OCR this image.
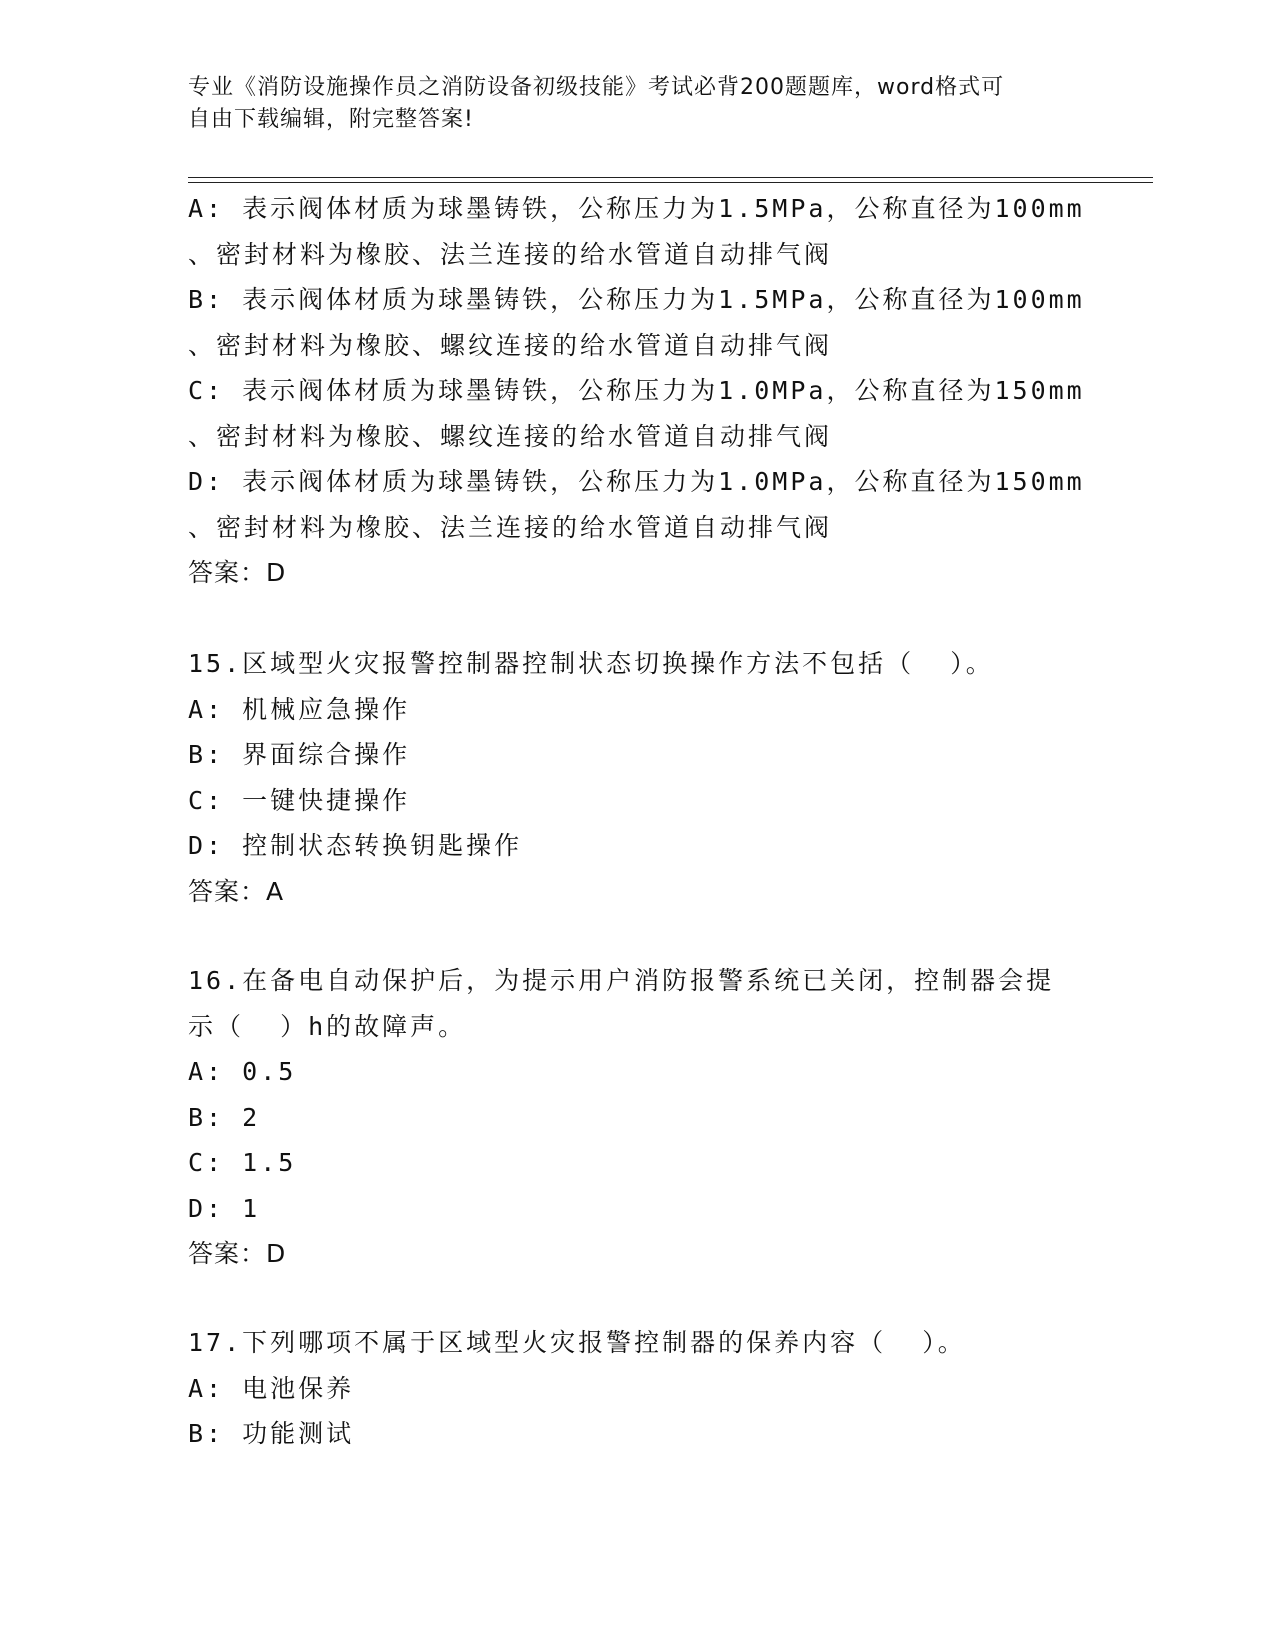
专业《消防设施操作员之消防设备初级技能》考试必背200题题库，word格式可
自由下载编辑，附完整答案!
A: 表示阀体材质为球墨铸铁，公称压力为1.5MPa，公称直径为100mm
、密封材料为橡胶、法兰连接的给水管道自动排气阀
B: 表示阀体材质为球墨铸铁，公称压力为1.5MPa，公称直径为100mm
、密封材料为橡胶、螺纹连接的给水管道自动排气阀
C: 表示阀体材质为球墨铸铁，公称压力为1.0MPa，公称直径为150mm
、密封材料为橡胶、螺纹连接的给水管道自动排气阀
D: 表示阀体材质为球墨铸铁，公称压力为1.0MPa，公称直径为150mm
、密封材料为橡胶、法兰连接的给水管道自动排气阀
答案：D
15.区域型火灾报警控制器控制状态切换操作方法不包括（  ）。
A: 机械应急操作
B: 界面综合操作
C: 一键快捷操作
D: 控制状态转换钥匙操作
答案：A
16.在备电自动保护后，为提示用户消防报警系统已关闭，控制器会提
示（  ）h的故障声。
A: 0.5
B: 2
C: 1.5
D: 1
答案：D
17.下列哪项不属于区域型火灾报警控制器的保养内容（  ）。
A: 电池保养
B: 功能测试
